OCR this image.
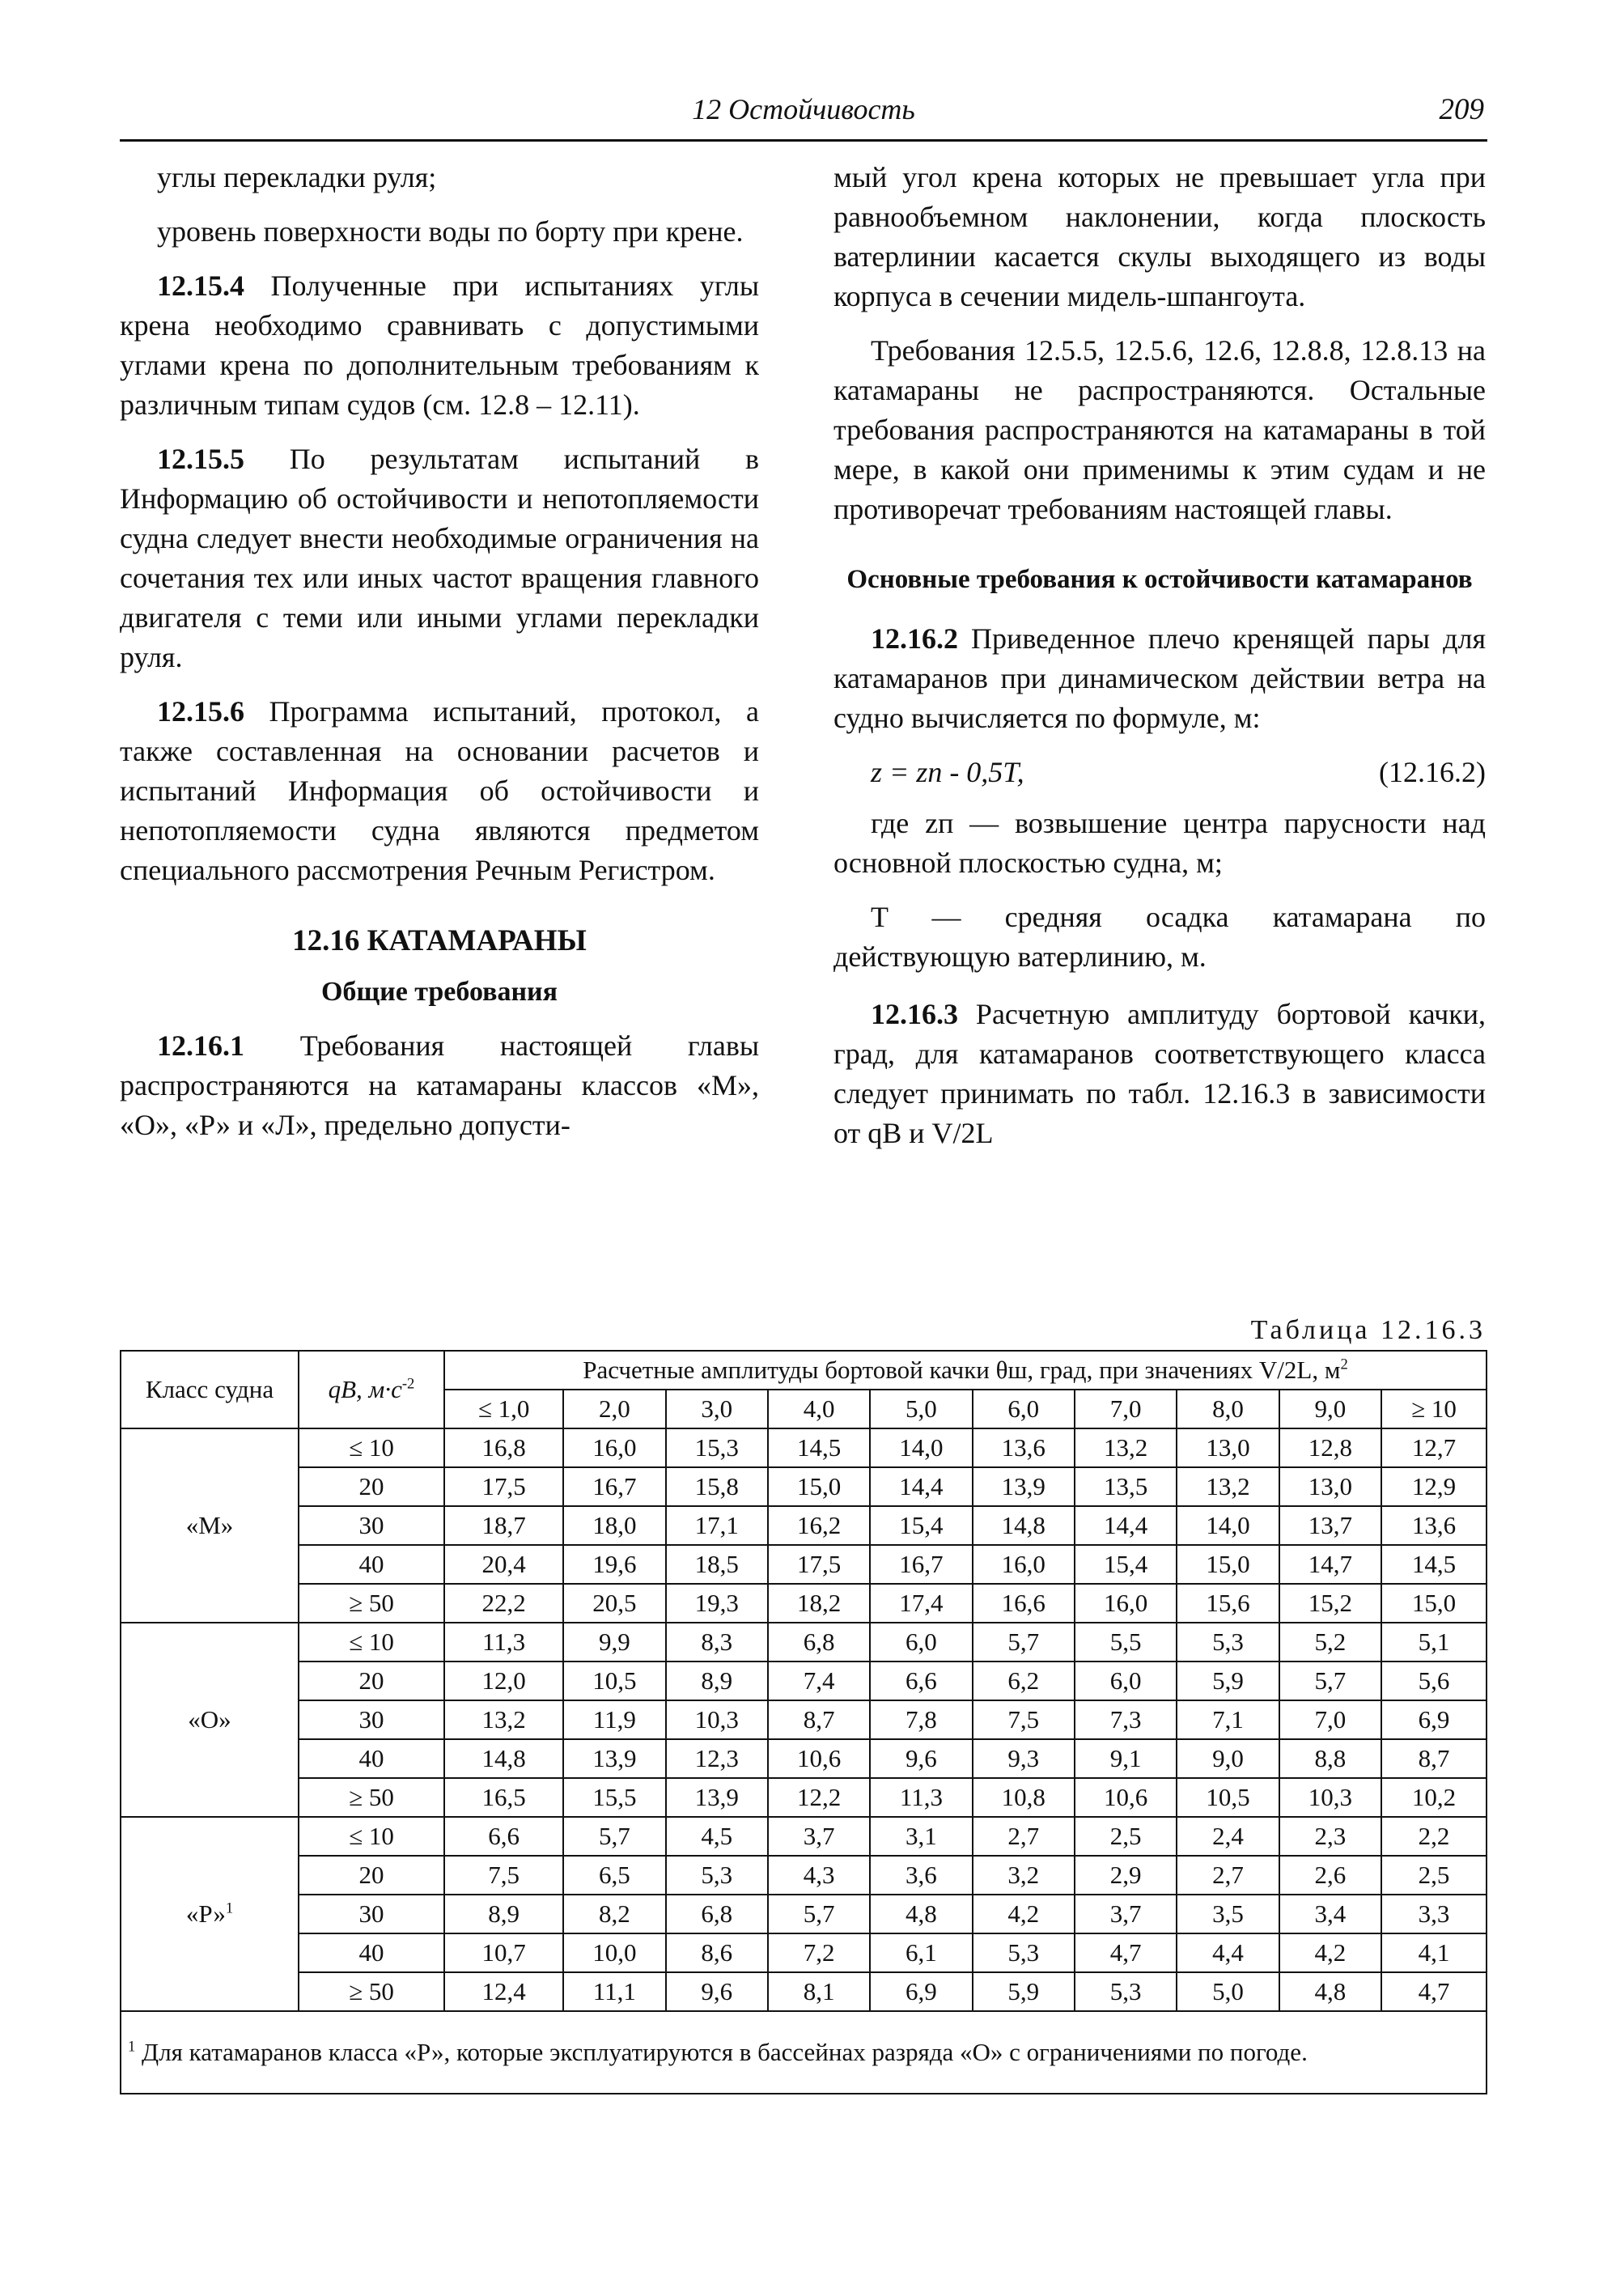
12 Остойчивость	209

углы перекладки руля;

уровень поверхности воды по борту при крене.

12.15.4 Полученные при испытаниях углы крена необходимо сравнивать с допустимыми углами крена по дополнительным требованиям к различным типам судов (см. 12.8 – 12.11).

12.15.5 По результатам испытаний в Информацию об остойчивости и непотопляемости судна следует внести необходимые ограничения на сочетания тех или иных частот вращения главного двигателя с теми или иными углами перекладки руля.

12.15.6 Программа испытаний, протокол, а также составленная на основании расчетов и испытаний Информация об остойчивости и непотопляемости судна являются предметом специального рассмотрения Речным Регистром.

12.16 КАТАМАРАНЫ
Общие требования

12.16.1 Требования настоящей главы распространяются на катамараны классов «М», «О», «Р» и «Л», предельно допусти-

мый угол крена которых не превышает угла при равнообъемном наклонении, когда плоскость ватерлинии касается скулы выходящего из воды корпуса в сечении мидель-шпангоута.

Требования 12.5.5, 12.5.6, 12.6, 12.8.8, 12.8.13 на катамараны не распространяются. Остальные требования распространяются на катамараны в той мере, в какой они применимы к этим судам и не противоречат требованиям настоящей главы.

Основные требования к остойчивости катамаранов

12.16.2 Приведенное плечо кренящей пары для катамаранов при динамическом действии ветра на судно вычисляется по формуле, м:

z = zп - 0,5T,	(12.16.2)

где zп — возвышение центра парусности над основной плоскостью судна, м;

T — средняя осадка катамарана по действующую ватерлинию, м.

12.16.3 Расчетную амплитуду бортовой качки, град, для катамаранов соответствующего класса следует принимать по табл. 12.16.3 в зависимости от qB и V/2L

Таблица 12.16.3
Класс судна	qB, $м\cdot с^{-2}$	Расчетные амплитуды бортовой качки θш, град, при значениях V/2L, $м^2$
		≤ 1,0	2,0	3,0	4,0	5,0	6,0	7,0	8,0	9,0	≥ 10
«М»	≤ 10	16,8	16,0	15,3	14,5	14,0	13,6	13,2	13,0	12,8	12,7
	20	17,5	16,7	15,8	15,0	14,4	13,9	13,5	13,2	13,0	12,9
	30	18,7	18,0	17,1	16,2	15,4	14,8	14,4	14,0	13,7	13,6
	40	20,4	19,6	18,5	17,5	16,7	16,0	15,4	15,0	14,7	14,5
	≥ 50	22,2	20,5	19,3	18,2	17,4	16,6	16,0	15,6	15,2	15,0
«О»	≤ 10	11,3	9,9	8,3	6,8	6,0	5,7	5,5	5,3	5,2	5,1
	20	12,0	10,5	8,9	7,4	6,6	6,2	6,0	5,9	5,7	5,6
	30	13,2	11,9	10,3	8,7	7,8	7,5	7,3	7,1	7,0	6,9
	40	14,8	13,9	12,3	10,6	9,6	9,3	9,1	9,0	8,8	8,7
	≥ 50	16,5	15,5	13,9	12,2	11,3	10,8	10,6	10,5	10,3	10,2
«Р»$^1$	≤ 10	6,6	5,7	4,5	3,7	3,1	2,7	2,5	2,4	2,3	2,2
	20	7,5	6,5	5,3	4,3	3,6	3,2	2,9	2,7	2,6	2,5
	30	8,9	8,2	6,8	5,7	4,8	4,2	3,7	3,5	3,4	3,3
	40	10,7	10,0	8,6	7,2	6,1	5,3	4,7	4,4	4,2	4,1
	≥ 50	12,4	11,1	9,6	8,1	6,9	5,9	5,3	5,0	4,8	4,7
$^1$ Для катамаранов класса «Р», которые эксплуатируются в бассейнах разряда «О» с ограничениями по погоде.											
